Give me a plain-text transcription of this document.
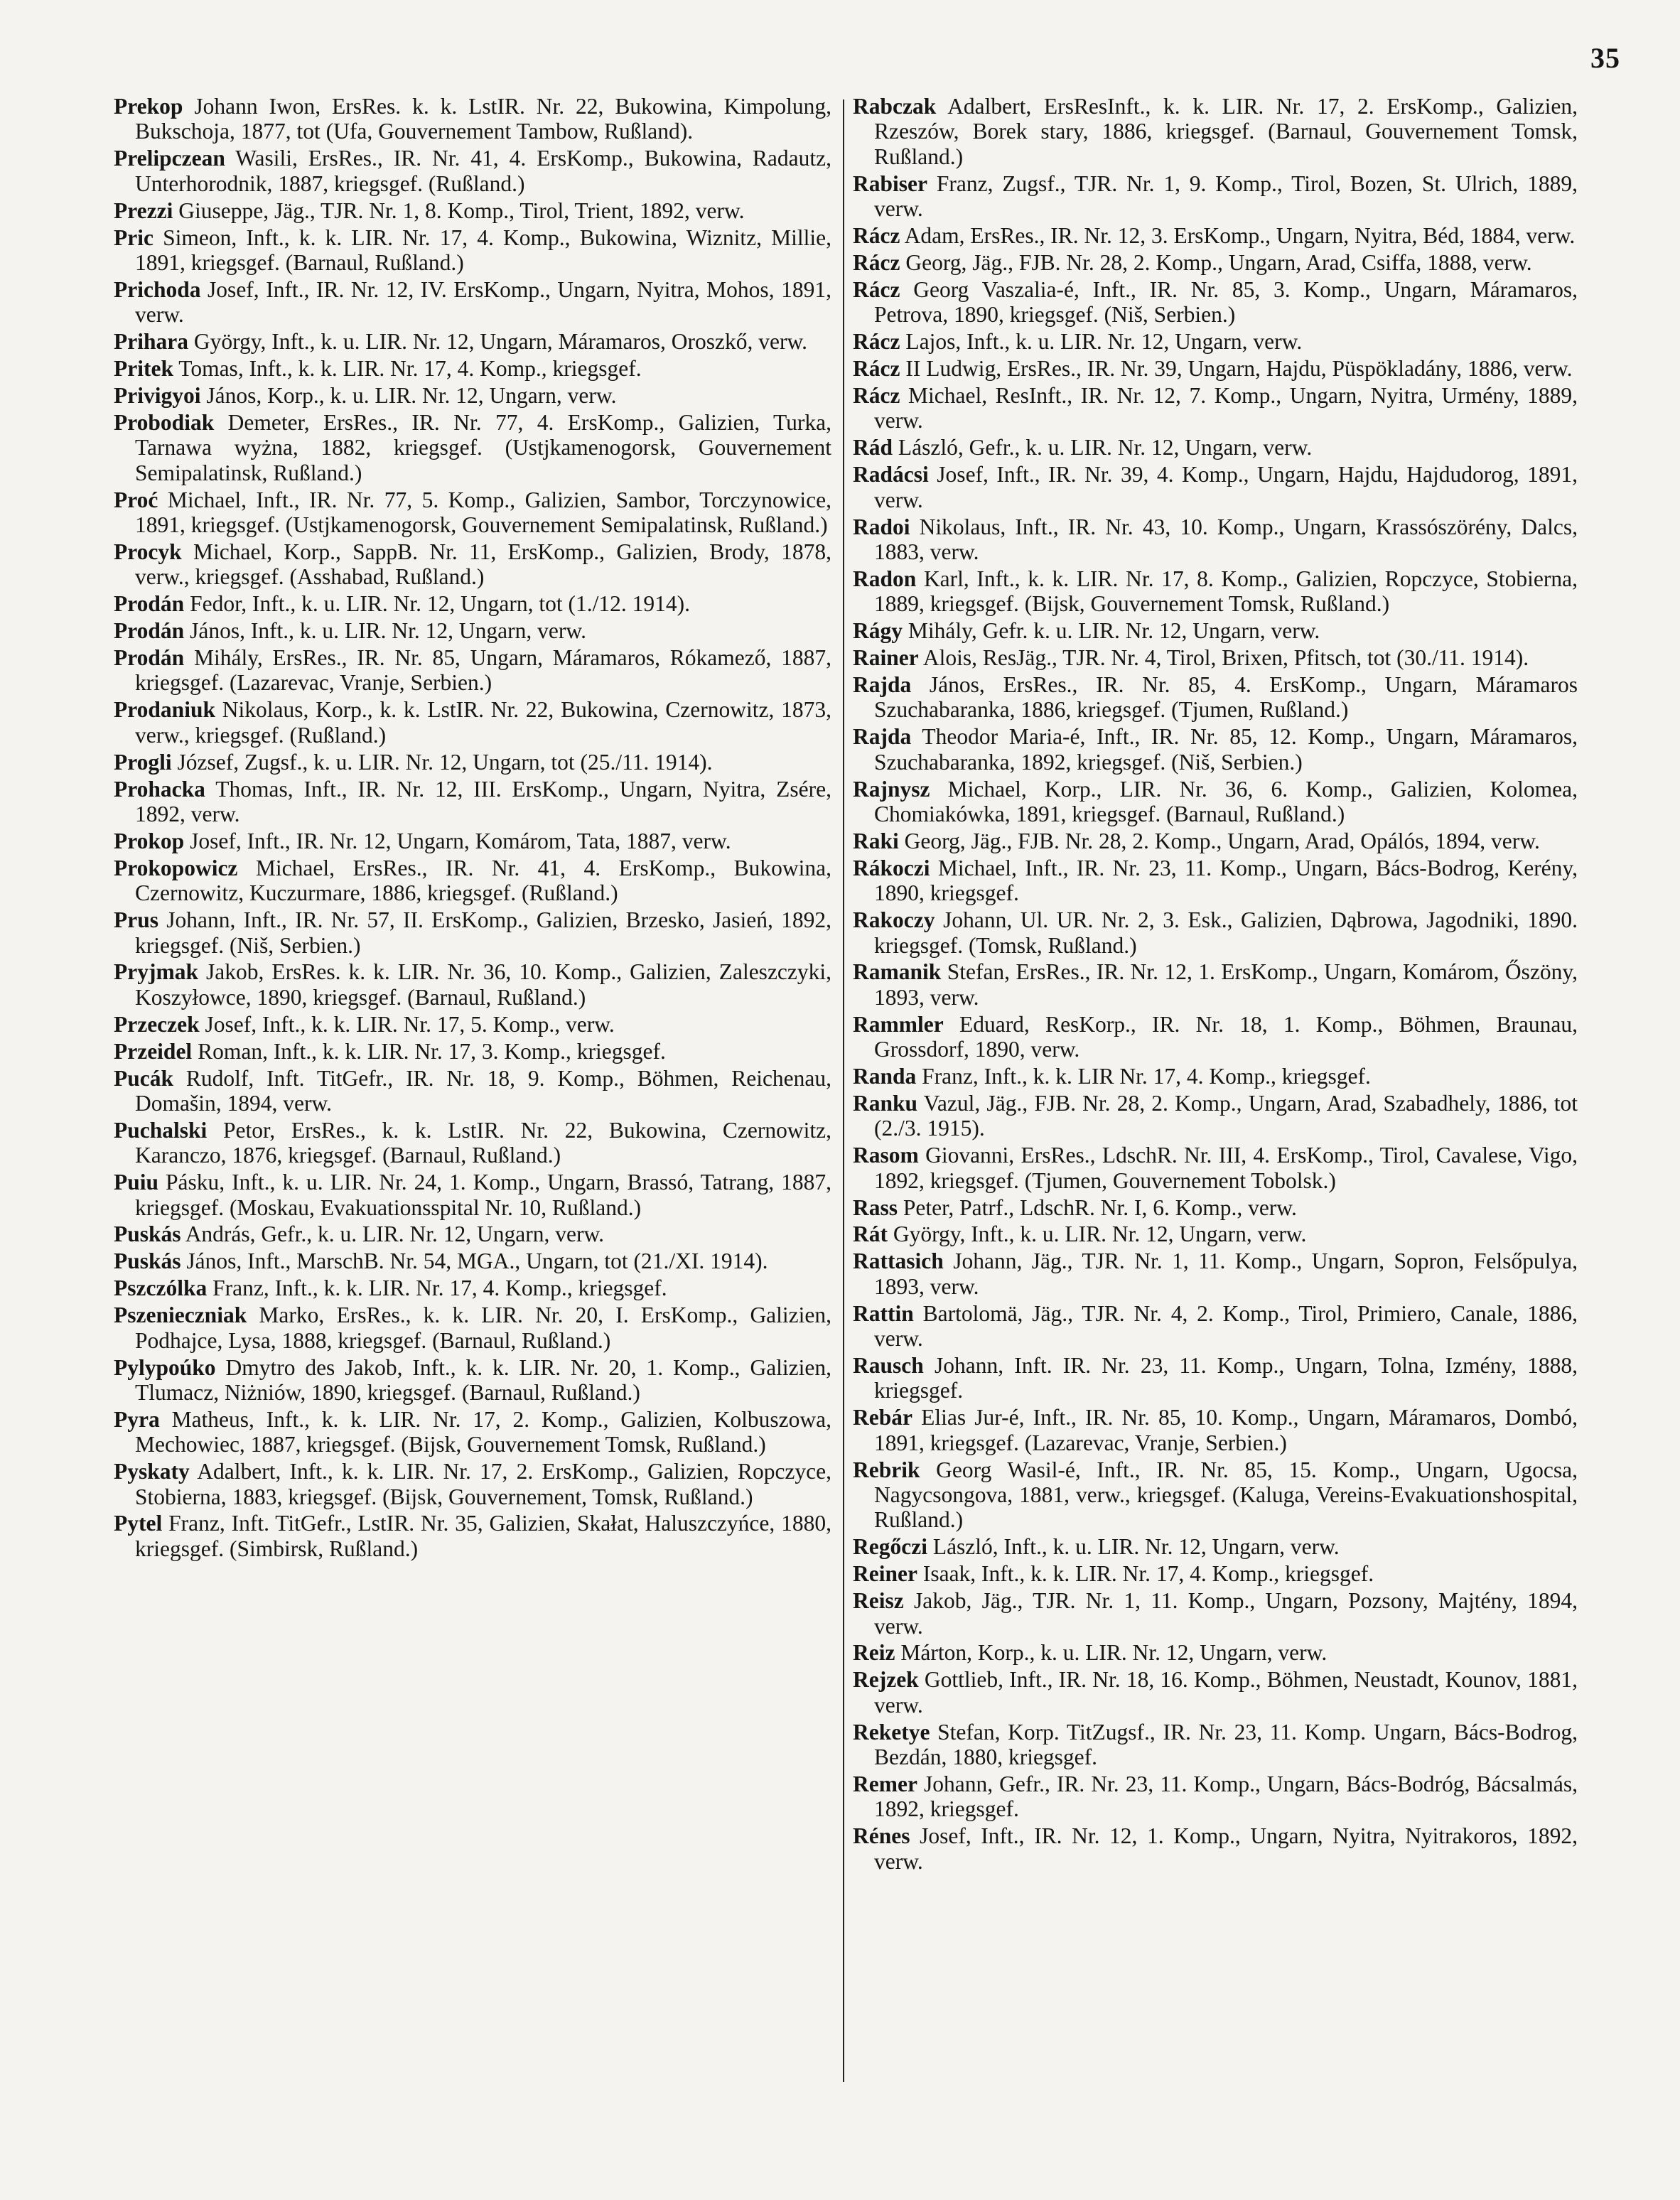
35

Prekop Johann Iwon, ErsRes. k. k. LstIR. Nr. 22, Bukowina, Kimpolung, Bukschoja, 1877, tot (Ufa, Gouvernement Tambow, Rußland).

Prelipczean Wasili, ErsRes., IR. Nr. 41, 4. ErsKomp., Bukowina, Radautz, Unterhorodnik, 1887, kriegsgef. (Rußland.)

Prezzi Giuseppe, Jäg., TJR. Nr. 1, 8. Komp., Tirol, Trient, 1892, verw.

Pric Simeon, Inft., k. k. LIR. Nr. 17, 4. Komp., Bukowina, Wiznitz, Millie, 1891, kriegsgef. (Barnaul, Rußland.)

Prichoda Josef, Inft., IR. Nr. 12, IV. ErsKomp., Ungarn, Nyitra, Mohos, 1891, verw.

Prihara György, Inft., k. u. LIR. Nr. 12, Ungarn, Máramaros, Oroszkő, verw.

Pritek Tomas, Inft., k. k. LIR. Nr. 17, 4. Komp., kriegsgef.

Privigyoi János, Korp., k. u. LIR. Nr. 12, Ungarn, verw.

Probodiak Demeter, ErsRes., IR. Nr. 77, 4. ErsKomp., Galizien, Turka, Tarnawa wyżna, 1882, kriegsgef. (Ustjkamenogorsk, Gouvernement Semipalatinsk, Rußland.)

Proć Michael, Inft., IR. Nr. 77, 5. Komp., Galizien, Sambor, Torczynowice, 1891, kriegsgef. (Ustjkamenogorsk, Gouvernement Semipalatinsk, Rußland.)

Procyk Michael, Korp., SappB. Nr. 11, ErsKomp., Galizien, Brody, 1878, verw., kriegsgef. (Asshabad, Rußland.)

Prodán Fedor, Inft., k. u. LIR. Nr. 12, Ungarn, tot (1./12. 1914).

Prodán János, Inft., k. u. LIR. Nr. 12, Ungarn, verw.

Prodán Mihály, ErsRes., IR. Nr. 85, Ungarn, Máramaros, Rókamező, 1887, kriegsgef. (Lazarevac, Vranje, Serbien.)

Prodaniuk Nikolaus, Korp., k. k. LstIR. Nr. 22, Bukowina, Czernowitz, 1873, verw., kriegsgef. (Rußland.)

Progli József, Zugsf., k. u. LIR. Nr. 12, Ungarn, tot (25./11. 1914).

Prohacka Thomas, Inft., IR. Nr. 12, III. ErsKomp., Ungarn, Nyitra, Zsére, 1892, verw.

Prokop Josef, Inft., IR. Nr. 12, Ungarn, Komárom, Tata, 1887, verw.

Prokopowicz Michael, ErsRes., IR. Nr. 41, 4. ErsKomp., Bukowina, Czernowitz, Kuczurmare, 1886, kriegsgef. (Rußland.)

Prus Johann, Inft., IR. Nr. 57, II. ErsKomp., Galizien, Brzesko, Jasień, 1892, kriegsgef. (Niš, Serbien.)

Pryjmak Jakob, ErsRes. k. k. LIR. Nr. 36, 10. Komp., Galizien, Zaleszczyki, Koszyłowce, 1890, kriegsgef. (Barnaul, Rußland.)

Przeczek Josef, Inft., k. k. LIR. Nr. 17, 5. Komp., verw.

Przeidel Roman, Inft., k. k. LIR. Nr. 17, 3. Komp., kriegsgef.

Pucák Rudolf, Inft. TitGefr., IR. Nr. 18, 9. Komp., Böhmen, Reichenau, Domašin, 1894, verw.

Puchalski Petor, ErsRes., k. k. LstIR. Nr. 22, Bukowina, Czernowitz, Karanczo, 1876, kriegsgef. (Barnaul, Rußland.)

Puiu Pásku, Inft., k. u. LIR. Nr. 24, 1. Komp., Ungarn, Brassó, Tatrang, 1887, kriegsgef. (Moskau, Evakuationsspital Nr. 10, Rußland.)

Puskás András, Gefr., k. u. LIR. Nr. 12, Ungarn, verw.

Puskás János, Inft., MarschB. Nr. 54, MGA., Ungarn, tot (21./XI. 1914).

Pszczólka Franz, Inft., k. k. LIR. Nr. 17, 4. Komp., kriegsgef.

Pszenieczniak Marko, ErsRes., k. k. LIR. Nr. 20, I. ErsKomp., Galizien, Podhajce, Lysa, 1888, kriegsgef. (Barnaul, Rußland.)

Pylypoúko Dmytro des Jakob, Inft., k. k. LIR. Nr. 20, 1. Komp., Galizien, Tlumacz, Niżniów, 1890, kriegsgef. (Barnaul, Rußland.)

Pyra Matheus, Inft., k. k. LIR. Nr. 17, 2. Komp., Galizien, Kolbuszowa, Mechowiec, 1887, kriegsgef. (Bijsk, Gouvernement Tomsk, Rußland.)

Pyskaty Adalbert, Inft., k. k. LIR. Nr. 17, 2. ErsKomp., Galizien, Ropczyce, Stobierna, 1883, kriegsgef. (Bijsk, Gouvernement, Tomsk, Rußland.)

Pytel Franz, Inft. TitGefr., LstIR. Nr. 35, Galizien, Skałat, Haluszczyńce, 1880, kriegsgef. (Simbirsk, Rußland.)

Rabczak Adalbert, ErsResInft., k. k. LIR. Nr. 17, 2. ErsKomp., Galizien, Rzeszów, Borek stary, 1886, kriegsgef. (Barnaul, Gouvernement Tomsk, Rußland.)

Rabiser Franz, Zugsf., TJR. Nr. 1, 9. Komp., Tirol, Bozen, St. Ulrich, 1889, verw.

Rácz Adam, ErsRes., IR. Nr. 12, 3. ErsKomp., Ungarn, Nyitra, Béd, 1884, verw.

Rácz Georg, Jäg., FJB. Nr. 28, 2. Komp., Ungarn, Arad, Csiffa, 1888, verw.

Rácz Georg Vaszalia-é, Inft., IR. Nr. 85, 3. Komp., Ungarn, Máramaros, Petrova, 1890, kriegsgef. (Niš, Serbien.)

Rácz Lajos, Inft., k. u. LIR. Nr. 12, Ungarn, verw.

Rácz II Ludwig, ErsRes., IR. Nr. 39, Ungarn, Hajdu, Püspökladány, 1886, verw.

Rácz Michael, ResInft., IR. Nr. 12, 7. Komp., Ungarn, Nyitra, Urmény, 1889, verw.

Rád László, Gefr., k. u. LIR. Nr. 12, Ungarn, verw.

Radácsi Josef, Inft., IR. Nr. 39, 4. Komp., Ungarn, Hajdu, Hajdudorog, 1891, verw.

Radoi Nikolaus, Inft., IR. Nr. 43, 10. Komp., Ungarn, Krassószörény, Dalcs, 1883, verw.

Radon Karl, Inft., k. k. LIR. Nr. 17, 8. Komp., Galizien, Ropczyce, Stobierna, 1889, kriegsgef. (Bijsk, Gouvernement Tomsk, Rußland.)

Rágy Mihály, Gefr. k. u. LIR. Nr. 12, Ungarn, verw.

Rainer Alois, ResJäg., TJR. Nr. 4, Tirol, Brixen, Pfitsch, tot (30./11. 1914).

Rajda János, ErsRes., IR. Nr. 85, 4. ErsKomp., Ungarn, Máramaros Szuchabaranka, 1886, kriegsgef. (Tjumen, Rußland.)

Rajda Theodor Maria-é, Inft., IR. Nr. 85, 12. Komp., Ungarn, Máramaros, Szuchabaranka, 1892, kriegsgef. (Niš, Serbien.)

Rajnysz Michael, Korp., LIR. Nr. 36, 6. Komp., Galizien, Kolomea, Chomiakówka, 1891, kriegsgef. (Barnaul, Rußland.)

Raki Georg, Jäg., FJB. Nr. 28, 2. Komp., Ungarn, Arad, Opálós, 1894, verw.

Rákoczi Michael, Inft., IR. Nr. 23, 11. Komp., Ungarn, Bács-Bodrog, Kerény, 1890, kriegsgef.

Rakoczy Johann, Ul. UR. Nr. 2, 3. Esk., Galizien, Dąbrowa, Jagodniki, 1890. kriegsgef. (Tomsk, Rußland.)

Ramanik Stefan, ErsRes., IR. Nr. 12, 1. ErsKomp., Ungarn, Komárom, Őszöny, 1893, verw.

Rammler Eduard, ResKorp., IR. Nr. 18, 1. Komp., Böhmen, Braunau, Grossdorf, 1890, verw.

Randa Franz, Inft., k. k. LIR Nr. 17, 4. Komp., kriegsgef.

Ranku Vazul, Jäg., FJB. Nr. 28, 2. Komp., Ungarn, Arad, Szabadhely, 1886, tot (2./3. 1915).

Rasom Giovanni, ErsRes., LdschR. Nr. III, 4. ErsKomp., Tirol, Cavalese, Vigo, 1892, kriegsgef. (Tjumen, Gouvernement Tobolsk.)

Rass Peter, Patrf., LdschR. Nr. I, 6. Komp., verw.

Rát György, Inft., k. u. LIR. Nr. 12, Ungarn, verw.

Rattasich Johann, Jäg., TJR. Nr. 1, 11. Komp., Ungarn, Sopron, Felsőpulya, 1893, verw.

Rattin Bartolomä, Jäg., TJR. Nr. 4, 2. Komp., Tirol, Primiero, Canale, 1886, verw.

Rausch Johann, Inft. IR. Nr. 23, 11. Komp., Ungarn, Tolna, Izmény, 1888, kriegsgef.

Rebár Elias Jur-é, Inft., IR. Nr. 85, 10. Komp., Ungarn, Máramaros, Dombó, 1891, kriegsgef. (Lazarevac, Vranje, Serbien.)

Rebrik Georg Wasil-é, Inft., IR. Nr. 85, 15. Komp., Ungarn, Ugocsa, Nagycsongova, 1881, verw., kriegsgef. (Kaluga, Vereins-Evakuationshospital, Rußland.)

Regőczi László, Inft., k. u. LIR. Nr. 12, Ungarn, verw.

Reiner Isaak, Inft., k. k. LIR. Nr. 17, 4. Komp., kriegsgef.

Reisz Jakob, Jäg., TJR. Nr. 1, 11. Komp., Ungarn, Pozsony, Majtény, 1894, verw.

Reiz Márton, Korp., k. u. LIR. Nr. 12, Ungarn, verw.

Rejzek Gottlieb, Inft., IR. Nr. 18, 16. Komp., Böhmen, Neustadt, Kounov, 1881, verw.

Reketye Stefan, Korp. TitZugsf., IR. Nr. 23, 11. Komp. Ungarn, Bács-Bodrog, Bezdán, 1880, kriegsgef.

Remer Johann, Gefr., IR. Nr. 23, 11. Komp., Ungarn, Bács-Bodróg, Bácsalmás, 1892, kriegsgef.

Rénes Josef, Inft., IR. Nr. 12, 1. Komp., Ungarn, Nyitra, Nyitrakoros, 1892, verw.
